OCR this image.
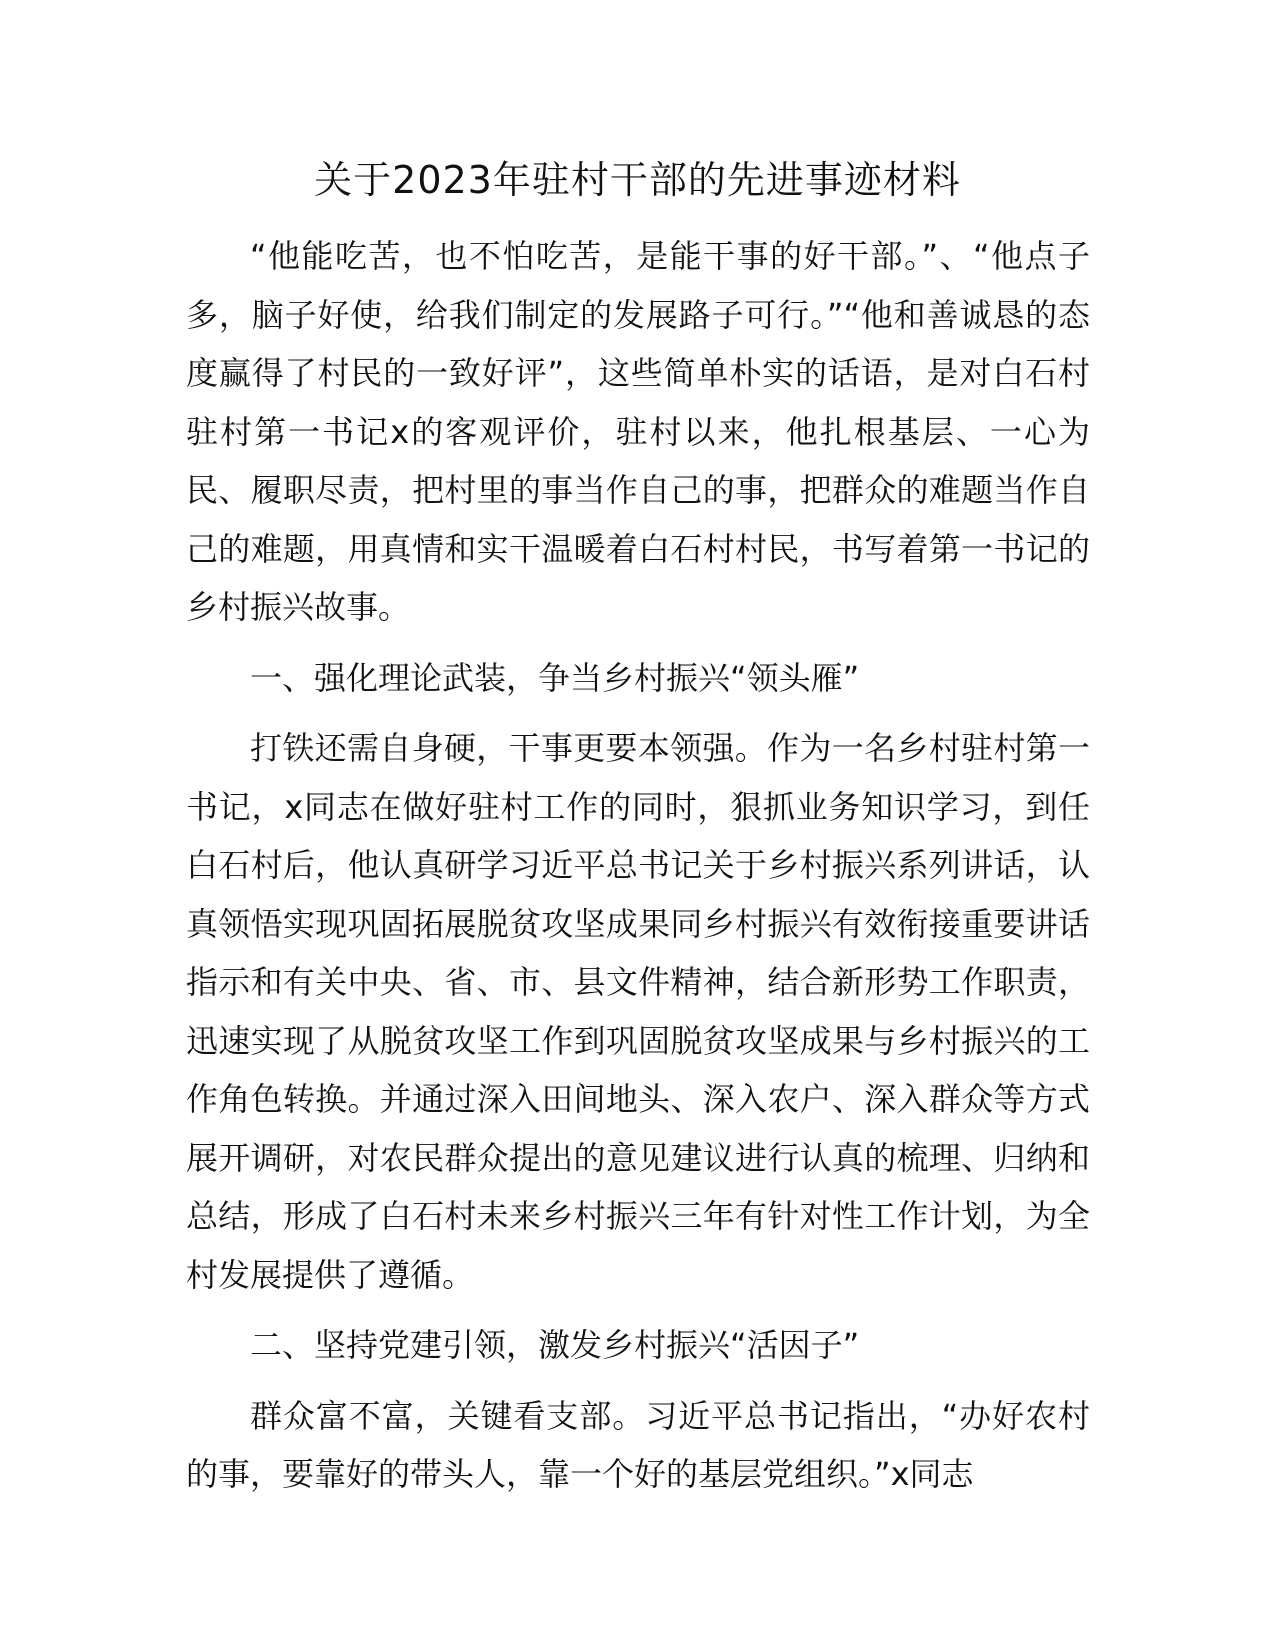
关于2023年驻村干部的先进事迹材料

“他能吃苦，也不怕吃苦，是能干事的好干部。”、“他点子多，脑子好使，给我们制定的发展路子可行。”“他和善诚恳的态度赢得了村民的一致好评”，这些简单朴实的话语，是对白石村驻村第一书记x的客观评价，驻村以来，他扎根基层、一心为民、履职尽责，把村里的事当作自己的事，把群众的难题当作自己的难题，用真情和实干温暖着白石村村民，书写着第一书记的乡村振兴故事。

一、强化理论武装，争当乡村振兴“领头雁”

打铁还需自身硬，干事更要本领强。作为一名乡村驻村第一书记，x同志在做好驻村工作的同时，狠抓业务知识学习，到任白石村后，他认真研学习近平总书记关于乡村振兴系列讲话，认真领悟实现巩固拓展脱贫攻坚成果同乡村振兴有效衔接重要讲话指示和有关中央、省、市、县文件精神，结合新形势工作职责，迅速实现了从脱贫攻坚工作到巩固脱贫攻坚成果与乡村振兴的工作角色转换。并通过深入田间地头、深入农户、深入群众等方式展开调研，对农民群众提出的意见建议进行认真的梳理、归纳和总结，形成了白石村未来乡村振兴三年有针对性工作计划，为全村发展提供了遵循。

二、坚持党建引领，激发乡村振兴“活因子”

群众富不富，关键看支部。习近平总书记指出，“办好农村的事，要靠好的带头人，靠一个好的基层党组织。”x同志
